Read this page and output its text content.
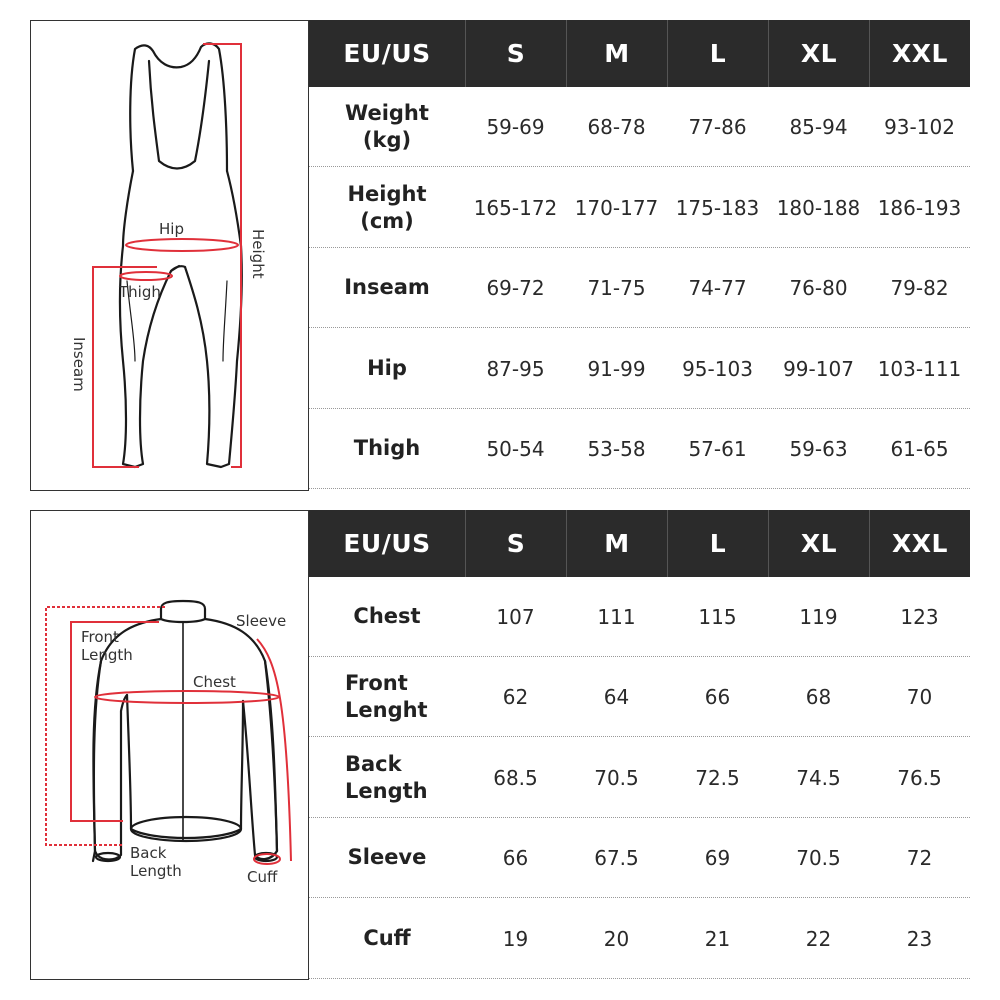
Hip
Thigh
Height
Inseam
EU/US	S	M	L	XL	XXL
Weight
(kg)
59-69	68-78	77-86	85-94	93-102
Height
(cm)
165-172 170-177 175-183 180-188 186-193
Inseam	69-72	71-75	74-77	76-80	79-82
Hip	87-95	91-99	95-103	99-107	103-111
Thigh	50-54	53-58	57-61	59-63	61-65
Front
Length
Sleeve
Chest
Back
Length	Cuff
EU/US	S	M	L	XL	XXL
Chest	107	111	115	119	123
Front
Lenght
62	64	66	68	70
Back
Length
68.5	70.5	72.5	74.5	76.5
Sleeve	66	67.5	69	70.5	72
Cuff	19	20	21	22	23
